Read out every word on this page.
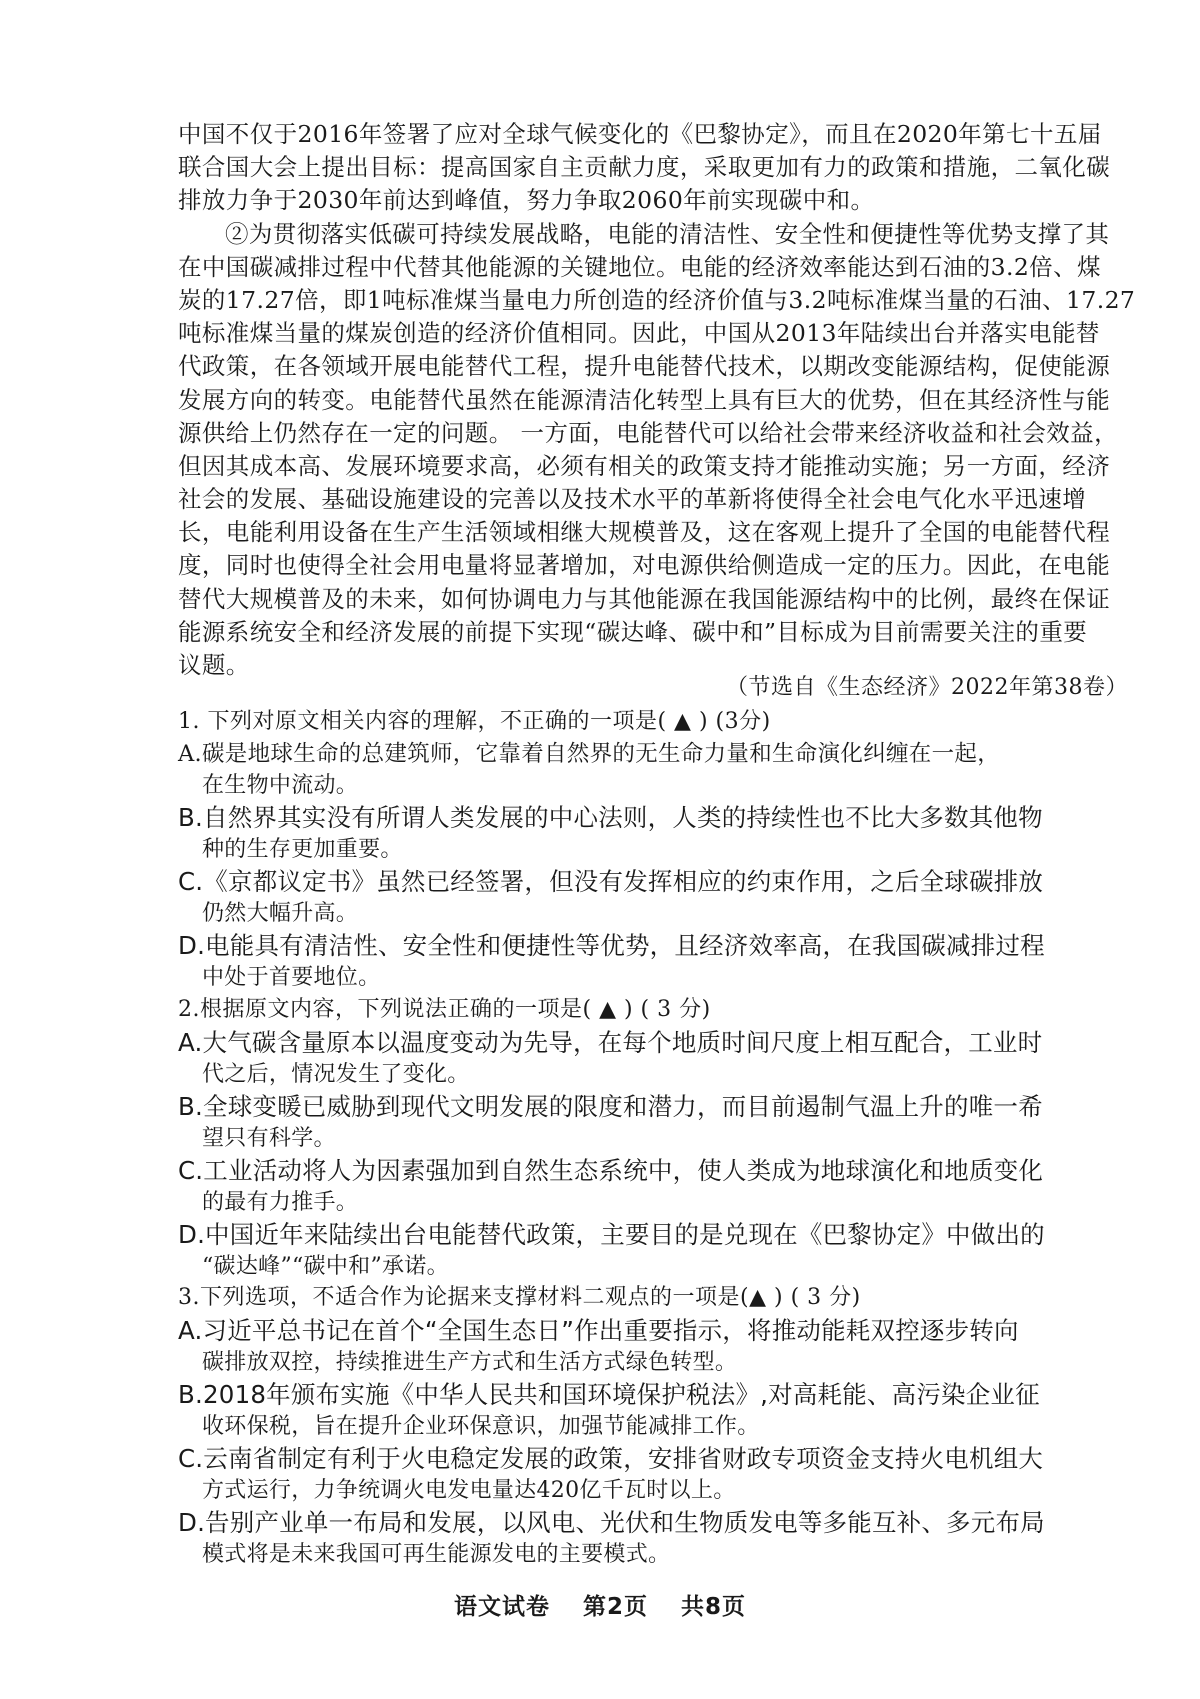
中国不仅于2016年签署了应对全球气候变化的《巴黎协定》，而且在2020年第七十五届
联合国大会上提出目标：提高国家自主贡献力度，采取更加有力的政策和措施，二氧化碳
排放力争于2030年前达到峰值，努力争取2060年前实现碳中和。
②为贯彻落实低碳可持续发展战略，电能的清洁性、安全性和便捷性等优势支撑了其
在中国碳减排过程中代替其他能源的关键地位。电能的经济效率能达到石油的3.2倍、煤
炭的17.27倍，即1吨标准煤当量电力所创造的经济价值与3.2吨标准煤当量的石油、17.27
吨标准煤当量的煤炭创造的经济价值相同。因此，中国从2013年陆续出台并落实电能替
代政策，在各领域开展电能替代工程，提升电能替代技术，以期改变能源结构，促使能源
发展方向的转变。电能替代虽然在能源清洁化转型上具有巨大的优势，但在其经济性与能
源供给上仍然存在一定的问题。 一方面，电能替代可以给社会带来经济收益和社会效益，
但因其成本高、发展环境要求高，必须有相关的政策支持才能推动实施；另一方面，经济
社会的发展、基础设施建设的完善以及技术水平的革新将使得全社会电气化水平迅速增
长，电能利用设备在生产生活领域相继大规模普及，这在客观上提升了全国的电能替代程
度，同时也使得全社会用电量将显著增加，对电源供给侧造成一定的压力。因此，在电能
替代大规模普及的未来，如何协调电力与其他能源在我国能源结构中的比例，最终在保证
能源系统安全和经济发展的前提下实现“碳达峰、碳中和”目标成为目前需要关注的重要
议题。
（节选自《生态经济》2022年第38卷）
1. 下列对原文相关内容的理解，不正确的一项是( ▲ ) (3分)
A.碳是地球生命的总建筑师，它靠着自然界的无生命力量和生命演化纠缠在一起，
在生物中流动。
B.自然界其实没有所谓人类发展的中心法则，人类的持续性也不比大多数其他物
种的生存更加重要。
C.《京都议定书》虽然已经签署，但没有发挥相应的约束作用，之后全球碳排放
仍然大幅升高。
D.电能具有清洁性、安全性和便捷性等优势，且经济效率高，在我国碳减排过程
中处于首要地位。
2.根据原文内容，下列说法正确的一项是( ▲ ) ( 3 分)
A.大气碳含量原本以温度变动为先导，在每个地质时间尺度上相互配合，工业时
代之后，情况发生了变化。
B.全球变暖已威胁到现代文明发展的限度和潜力，而目前遏制气温上升的唯一希
望只有科学。
C.工业活动将人为因素强加到自然生态系统中，使人类成为地球演化和地质变化
的最有力推手。
D.中国近年来陆续出台电能替代政策，主要目的是兑现在《巴黎协定》中做出的
“碳达峰”“碳中和”承诺。
3.下列选项，不适合作为论据来支撑材料二观点的一项是(▲ ) ( 3 分)
A.习近平总书记在首个“全国生态日”作出重要指示，将推动能耗双控逐步转向
碳排放双控，持续推进生产方式和生活方式绿色转型。
B.2018年颁布实施《中华人民共和国环境保护税法》,对高耗能、高污染企业征
收环保税，旨在提升企业环保意识，加强节能减排工作。
C.云南省制定有利于火电稳定发展的政策，安排省财政专项资金支持火电机组大
方式运行，力争统调火电发电量达420亿千瓦时以上。
D.告别产业单一布局和发展，以风电、光伏和生物质发电等多能互补、多元布局
模式将是未来我国可再生能源发电的主要模式。
语文试卷 第2页 共8页
